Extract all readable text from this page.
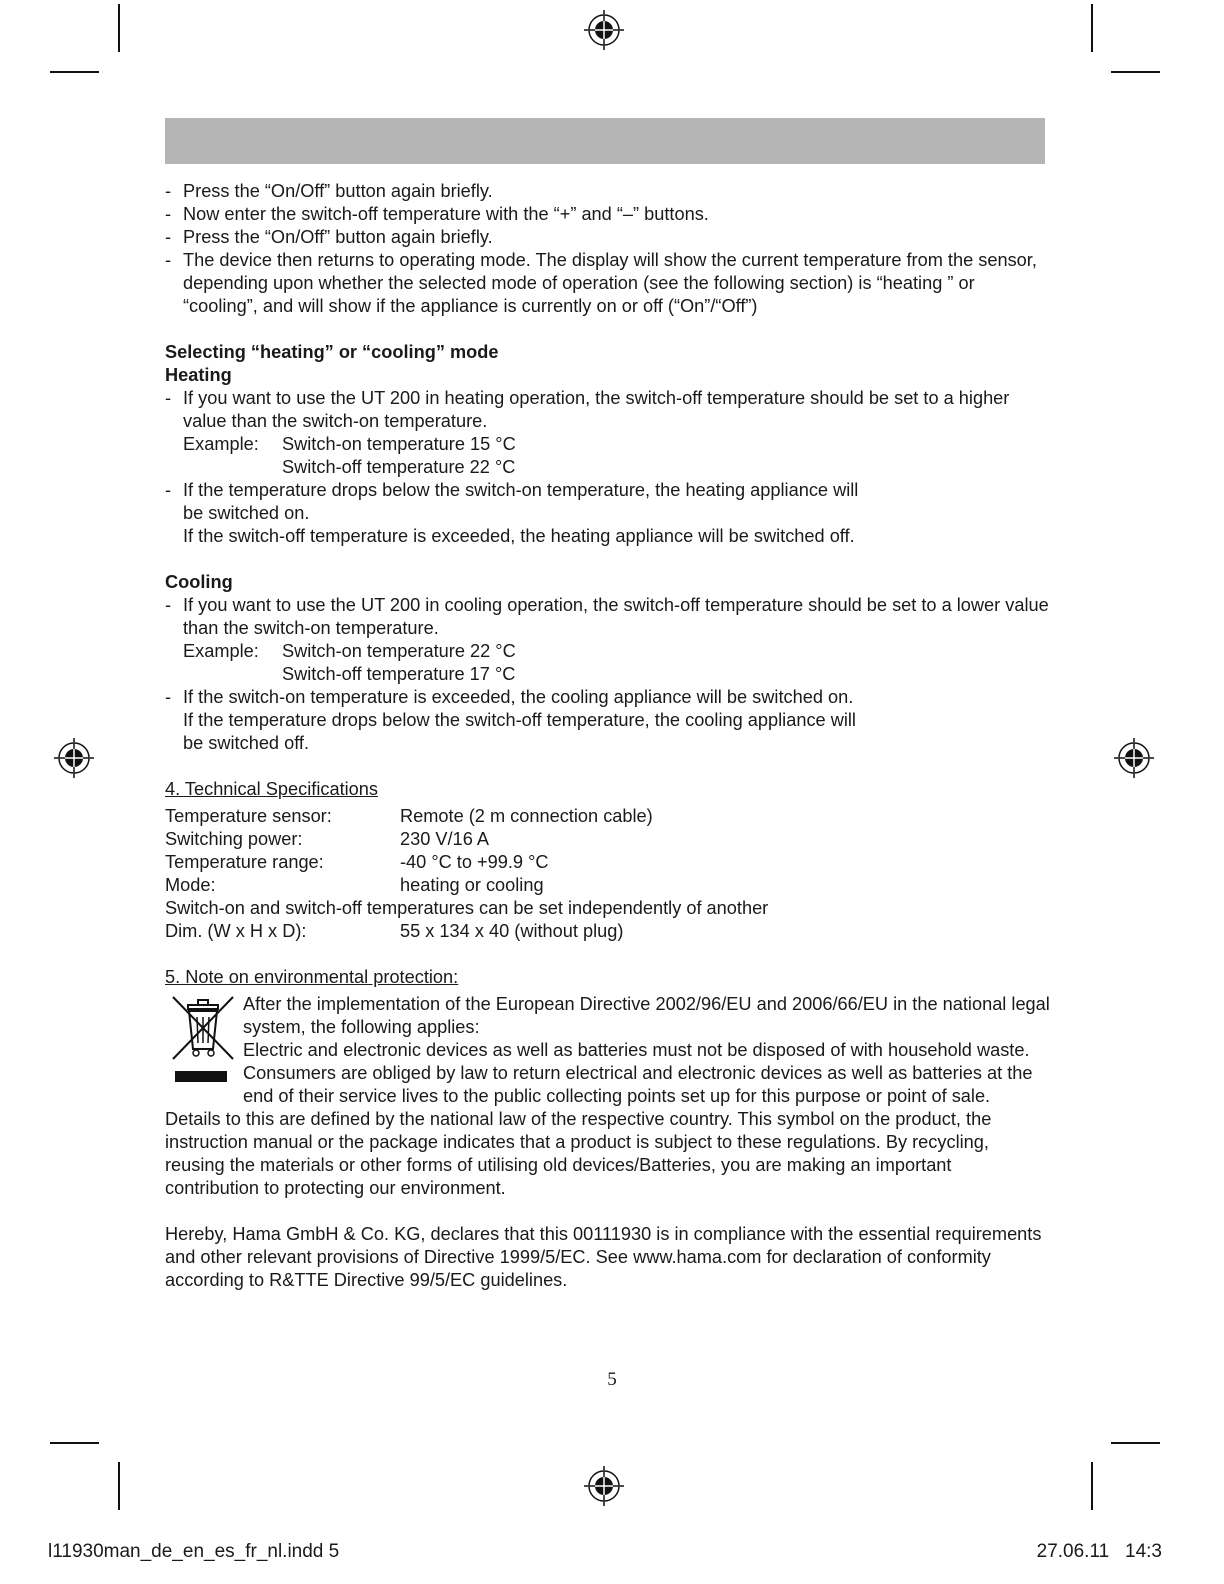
- Press the “On/Off” button again briefly.

- Now enter the switch-off temperature with the “+” and “–” buttons.

- Press the “On/Off” button again briefly.

- The device then returns to operating mode. The display will show the current temperature from the sensor, depending upon whether the selected mode of operation (see the following section) is “heating ” or “cooling”, and will show if the appliance is currently on or off (“On”/“Off”)

Selecting “heating” or “cooling” mode

Heating

- If you want to use the UT 200 in heating operation, the switch-off temperature should be set to a higher value than the switch-on temperature.

Example:	Switch-on temperature 15 °C
Switch-off temperature 22 °C

- If the temperature drops below the switch-on temperature, the heating appliance will

be switched on.

If the switch-off temperature is exceeded, the heating appliance will be switched off.

Cooling

- If you want to use the UT 200 in cooling operation, the switch-off temperature should be set to a lower value than the switch-on temperature.

Example:	Switch-on temperature 22 °C
Switch-off temperature 17 °C

- If the switch-on temperature is exceeded, the cooling appliance will be switched on.

If the temperature drops below the switch-off temperature, the cooling appliance will

be switched off.

4. Technical Specifications

Temperature sensor:	Remote (2 m connection cable)
Switching power:	230 V/16 A
Temperature range:	-40 °C to +99.9 °C
Mode:	heating or cooling

Switch-on and switch-off temperatures can be set independently of another

Dim. (W x H x D):	55 x 134 x 40 (without plug)

5. Note on environmental protection:

After the implementation of the European Directive 2002/96/EU and 2006/66/EU in the national legal system, the following applies:

Electric and electronic devices as well as batteries must not be disposed of with household waste. Consumers are obliged by law to return electrical and electronic devices as well as batteries at the end of their service lives to the public collecting points set up for this purpose or point of sale. Details to this are defined by the national law of the respective country. This symbol on the product, the instruction manual or the package indicates that a product is subject to these regulations. By recycling, reusing the materials or other forms of utilising old devices/Batteries, you are making an important contribution to protecting our environment.

Hereby, Hama GmbH & Co. KG, declares that this 00111930 is in compliance with the essential requirements and other relevant provisions of Directive 1999/5/EC. See www.hama.com for declaration of conformity according to R&TTE Directive 99/5/EC guidelines.

5
l11930man_de_en_es_fr_nl.indd 5	27.06.11   14:3
